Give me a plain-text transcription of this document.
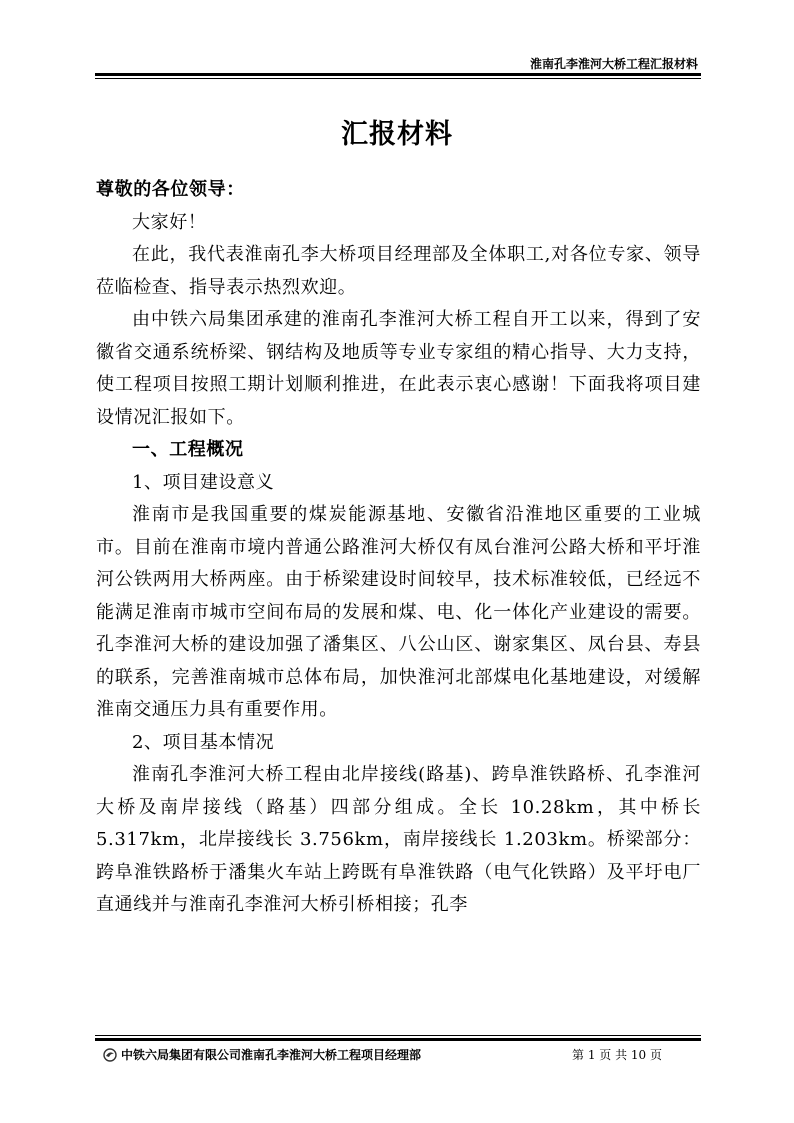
淮南孔李淮河大桥工程汇报材料
汇报材料

尊敬的各位领导：

大家好！

在此，我代表淮南孔李大桥项目经理部及全体职工,对各位专家、领导莅临检查、指导表示热烈欢迎。

由中铁六局集团承建的淮南孔李淮河大桥工程自开工以来，得到了安徽省交通系统桥梁、钢结构及地质等专业专家组的精心指导、大力支持，使工程项目按照工期计划顺利推进，在此表示衷心感谢！下面我将项目建设情况汇报如下。

一、工程概况

1、项目建设意义

淮南市是我国重要的煤炭能源基地、安徽省沿淮地区重要的工业城市。目前在淮南市境内普通公路淮河大桥仅有凤台淮河公路大桥和平圩淮河公铁两用大桥两座。由于桥梁建设时间较早，技术标准较低，已经远不能满足淮南市城市空间布局的发展和煤、电、化一体化产业建设的需要。孔李淮河大桥的建设加强了潘集区、八公山区、谢家集区、凤台县、寿县的联系，完善淮南城市总体布局，加快淮河北部煤电化基地建设，对缓解淮南交通压力具有重要作用。

2、项目基本情况

淮南孔李淮河大桥工程由北岸接线(路基)、跨阜淮铁路桥、孔李淮河大桥及南岸接线（路基）四部分组成。全长 10.28km，其中桥长 5.317km，北岸接线长 3.756km，南岸接线长 1.203km。桥梁部分：跨阜淮铁路桥于潘集火车站上跨既有阜淮铁路（电气化铁路）及平圩电厂直通线并与淮南孔李淮河大桥引桥相接；孔李

中铁六局集团有限公司淮南孔李淮河大桥工程项目经理部	第 1 页 共 10 页
